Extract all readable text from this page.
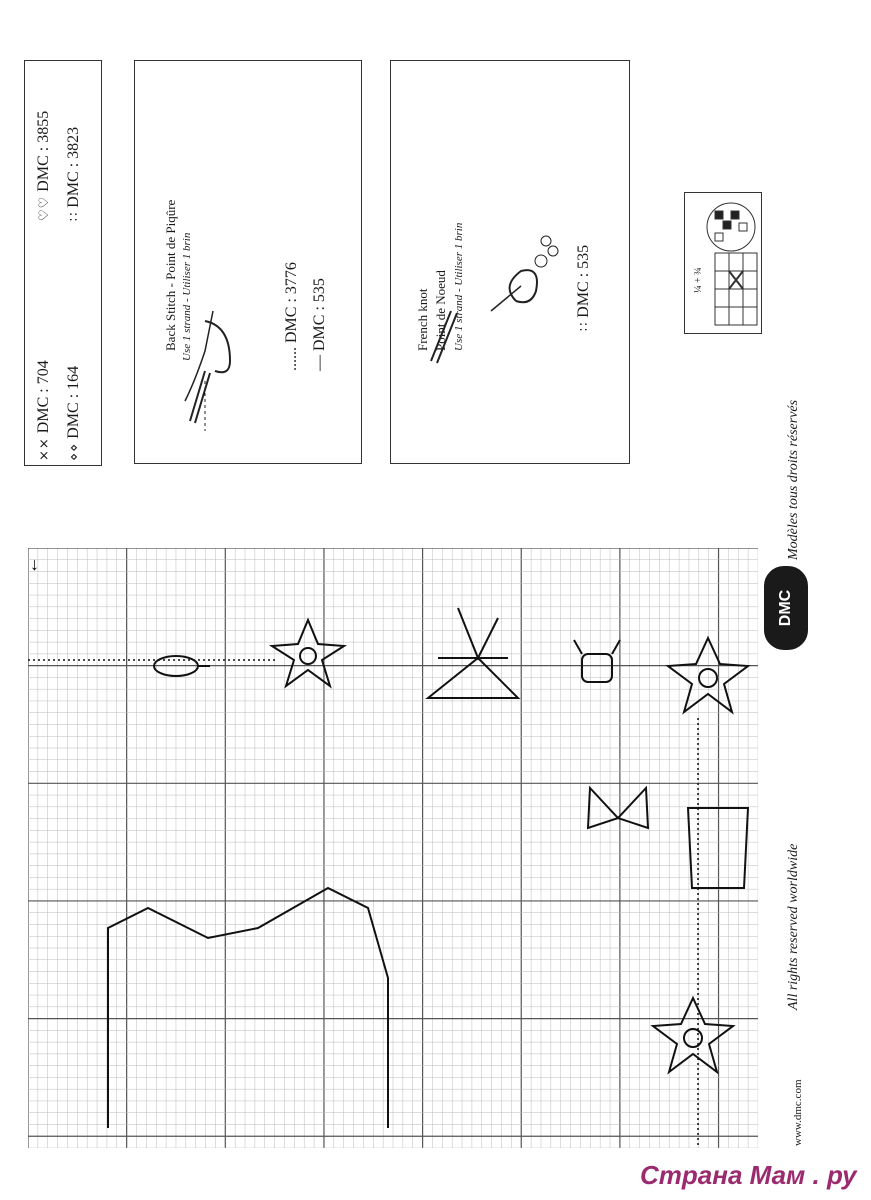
⨯⨯ DMC : 704
⋄⋄ DMC : 164
♡♡ DMC : 3855
∷ DMC : 3823
Back Stitch - Point de Piqûre Use 1 strand - Utiliser 1 brin	...... DMC : 3776
— DMC : 535	French knot Point de Noeud Use 1 strand - Utiliser 1 brin	∷ DMC : 535	¼ + ¾
↓
All rights reserved worldwide
Modèles tous droits réservés
www.dmc.com
DMC
Страна Мам . ру
